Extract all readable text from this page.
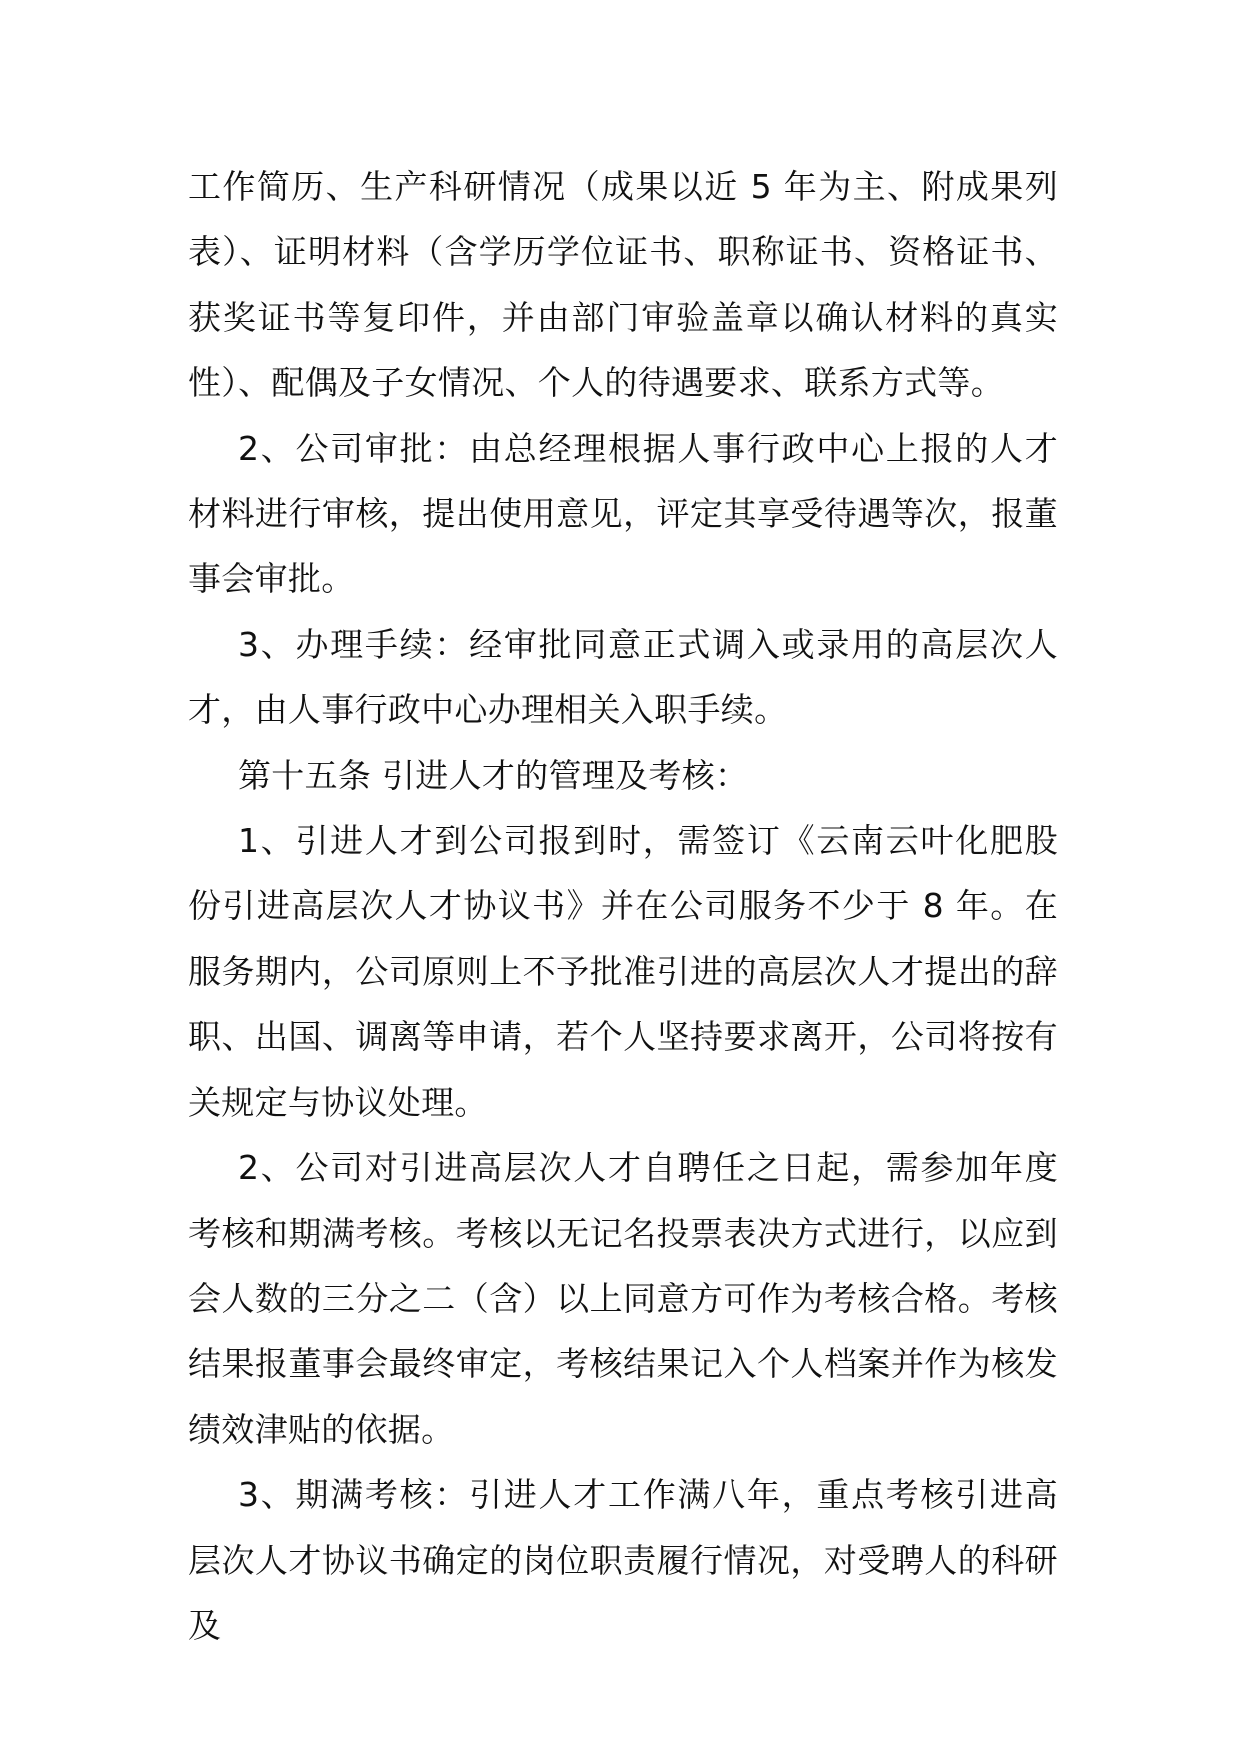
工作简历、生产科研情况（成果以近 5 年为主、附成果列表）、证明材料（含学历学位证书、职称证书、资格证书、获奖证书等复印件，并由部门审验盖章以确认材料的真实性）、配偶及子女情况、个人的待遇要求、联系方式等。

2、公司审批：由总经理根据人事行政中心上报的人才材料进行审核，提出使用意见，评定其享受待遇等次，报董事会审批。

3、办理手续：经审批同意正式调入或录用的高层次人才，由人事行政中心办理相关入职手续。

第十五条 引进人才的管理及考核：

1、引进人才到公司报到时，需签订《云南云叶化肥股份引进高层次人才协议书》并在公司服务不少于 8 年。在服务期内，公司原则上不予批准引进的高层次人才提出的辞职、出国、调离等申请，若个人坚持要求离开，公司将按有关规定与协议处理。

2、公司对引进高层次人才自聘任之日起，需参加年度考核和期满考核。考核以无记名投票表决方式进行，以应到会人数的三分之二（含）以上同意方可作为考核合格。考核结果报董事会最终审定，考核结果记入个人档案并作为核发绩效津贴的依据。

3、期满考核：引进人才工作满八年，重点考核引进高层次人才协议书确定的岗位职责履行情况，对受聘人的科研及
